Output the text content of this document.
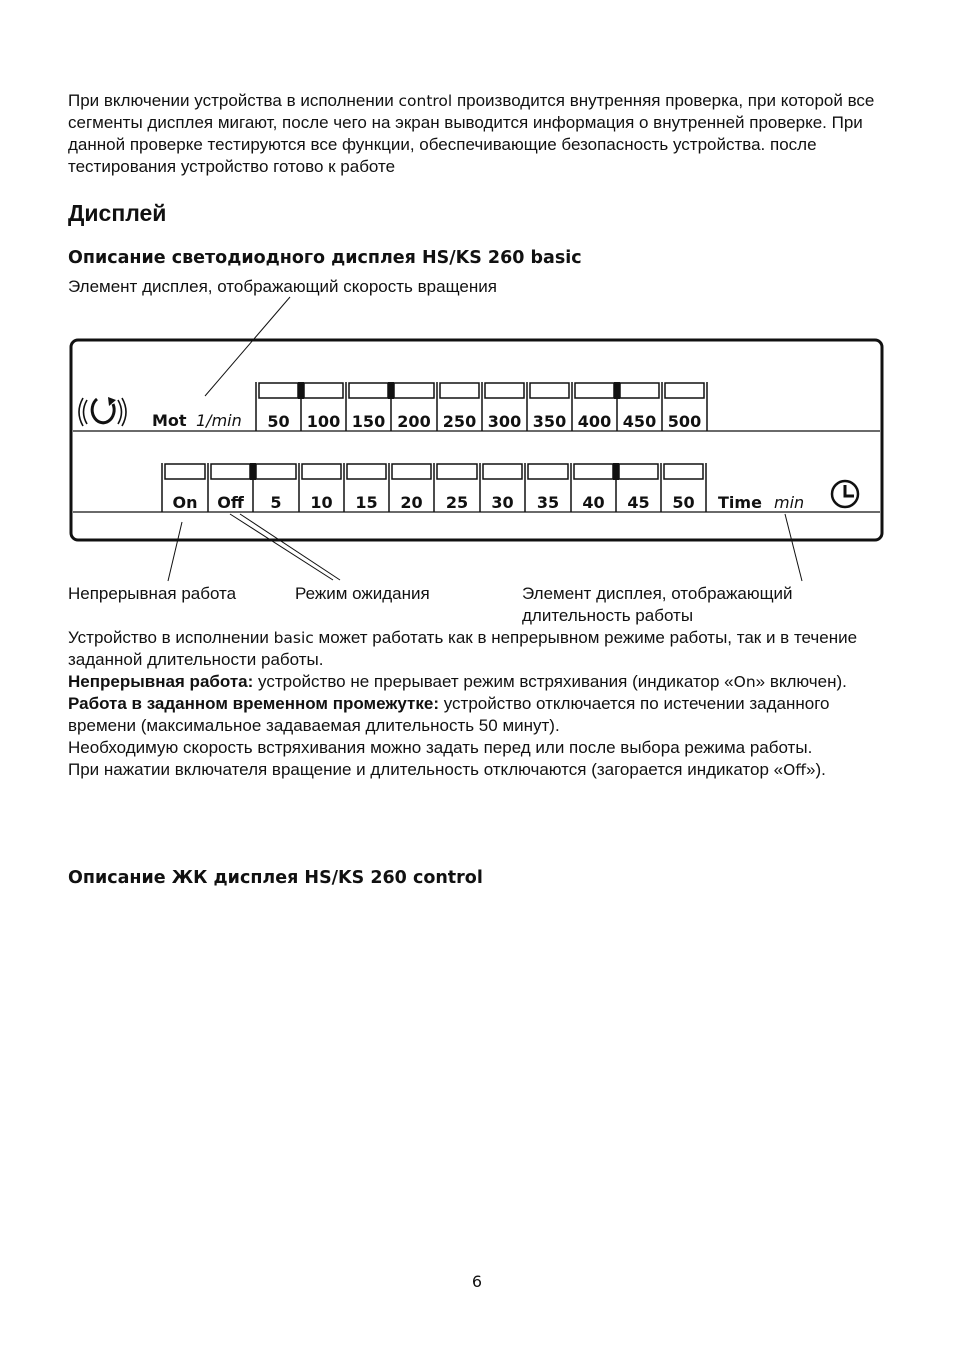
При включении устройства в исполнении control производится внутренняя проверка, при которой все сегменты дисплея мигают, после чего на экран выводится информация о внутренней проверке. При данной проверке тестируются все функции, обеспечивающие безопасность устройства. после тестирования устройство готово к работе

Дисплей
Описание светодиодного дисплея HS/KS 260 basic

Элемент дисплея, отображающий скорость вращения

Mot 1/min 50 100 150 200 250 300 350 400 450 500
On Off 5 10 15 20 25 30 35 40 45 50 Time min

Непрерывная работа	Режим ожидания	Элемент дисплея, отображающий
длительность работы

Устройство в исполнении basic может работать как в непрерывном режиме работы, так и в течение заданной длительности работы.
Непрерывная работа: устройство не прерывает режим встряхивания (индикатор «On» включен).
Работа в заданном временном промежутке: устройство отключается по истечении заданного времени (максимальное задаваемая длительность 50 минут).
Необходимую скорость встряхивания можно задать перед или после выбора режима работы.
При нажатии включателя вращение и длительность отключаются (загорается индикатор «Off»).
Описание ЖК дисплея HS/KS 260 control
6
